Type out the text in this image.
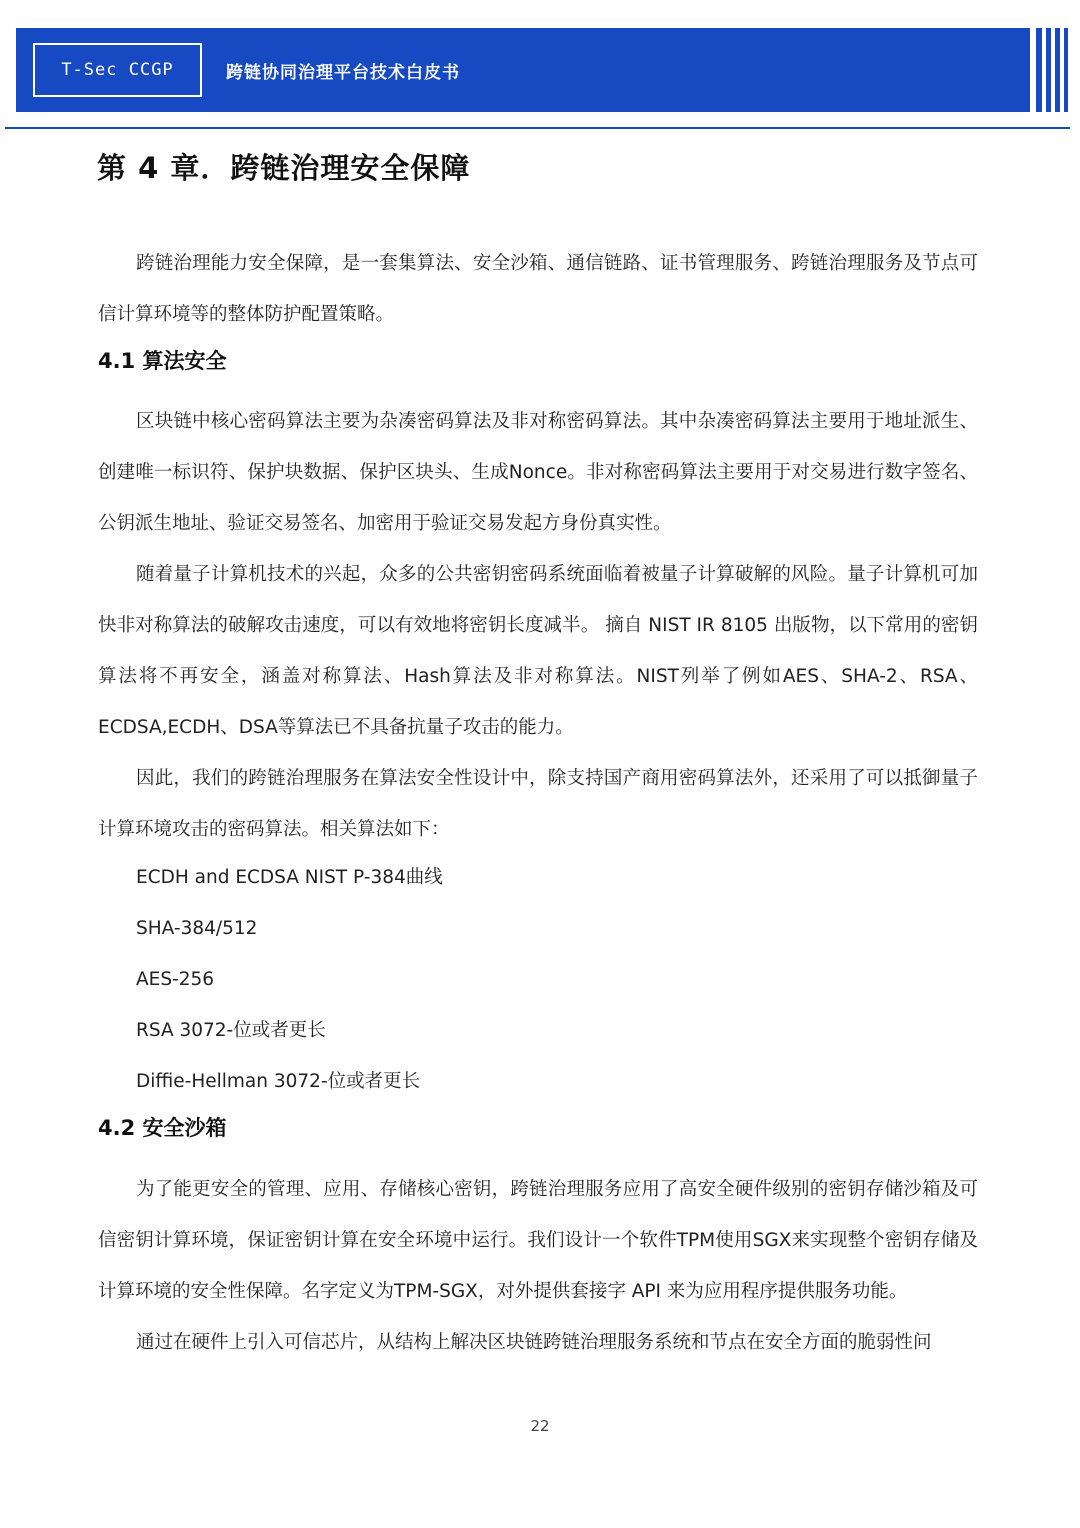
T-Sec CCGP	跨链协同治理平台技术白皮书
第 4 章．跨链治理安全保障

跨链治理能力安全保障，是一套集算法、安全沙箱、通信链路、证书管理服务、跨链治理服务及节点可信计算环境等的整体防护配置策略。

4.1 算法安全

区块链中核心密码算法主要为杂凑密码算法及非对称密码算法。其中杂凑密码算法主要用于地址派生、创建唯一标识符、保护块数据、保护区块头、生成Nonce。非对称密码算法主要用于对交易进行数字签名、公钥派生地址、验证交易签名、加密用于验证交易发起方身份真实性。

随着量子计算机技术的兴起，众多的公共密钥密码系统面临着被量子计算破解的风险。量子计算机可加快非对称算法的破解攻击速度，可以有效地将密钥长度减半。 摘自 NIST IR 8105 出版物，以下常用的密钥算法将不再安全，涵盖对称算法、Hash算法及非对称算法。NIST列举了例如AES、SHA-2、RSA、ECDSA,ECDH、DSA等算法已不具备抗量子攻击的能力。

因此，我们的跨链治理服务在算法安全性设计中，除支持国产商用密码算法外，还采用了可以抵御量子计算环境攻击的密码算法。相关算法如下：

ECDH and ECDSA NIST P-384曲线

SHA-384/512

AES-256

RSA 3072-位或者更长

Diffie-Hellman 3072-位或者更长

4.2 安全沙箱

为了能更安全的管理、应用、存储核心密钥，跨链治理服务应用了高安全硬件级别的密钥存储沙箱及可信密钥计算环境，保证密钥计算在安全环境中运行。我们设计一个软件TPM使用SGX来实现整个密钥存储及计算环境的安全性保障。名字定义为TPM-SGX，对外提供套接字 API 来为应用程序提供服务功能。

通过在硬件上引入可信芯片，从结构上解决区块链跨链治理服务系统和节点在安全方面的脆弱性问

22
